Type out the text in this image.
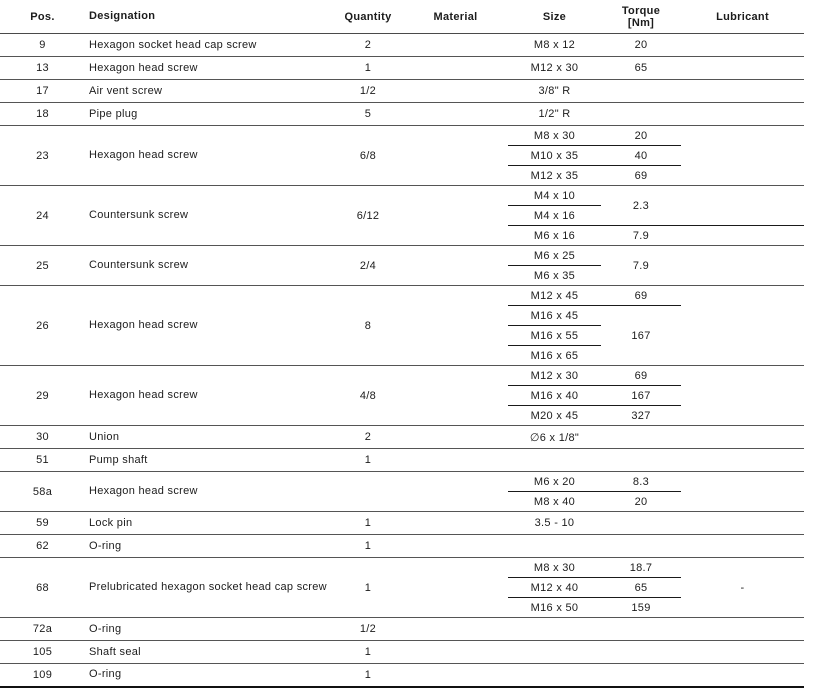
Pos.	Designation	Quantity	Material	Size	Torque
[Nm]	Lubricant
9	Hexagon socket head cap screw	2		M8 x 12	20	
13	Hexagon head screw	1		M12 x 30	65	
17	Air vent screw	1/2		3/8" R		
18	Pipe plug	5		1/2" R		
23	Hexagon head screw	6/8		M8 x 30	20	
				M10 x 35	40	
				M12 x 35	69	
24	Countersunk screw	6/12		M4 x 10	2.3	
				M4 x 16		
				M6 x 16	7.9	
25	Countersunk screw	2/4		M6 x 25	7.9	
				M6 x 35		
26	Hexagon head screw	8		M12 x 45	69	
				M16 x 45	167	
				M16 x 55		
				M16 x 65		
29	Hexagon head screw	4/8		M12 x 30	69	
				M16 x 40	167	
				M20 x 45	327	
30	Union	2		∅6 x 1/8"		
51	Pump shaft	1				
58a	Hexagon head screw			M6 x 20	8.3	
				M8 x 40	20	
59	Lock pin	1		3.5 - 10		
62	O-ring	1				
68	Prelubricated hexagon socket head cap screw	1		M8 x 30	18.7	-
				M12 x 40	65	
				M16 x 50	159	
72a	O-ring	1/2				
105	Shaft seal	1				
109	O-ring	1				
